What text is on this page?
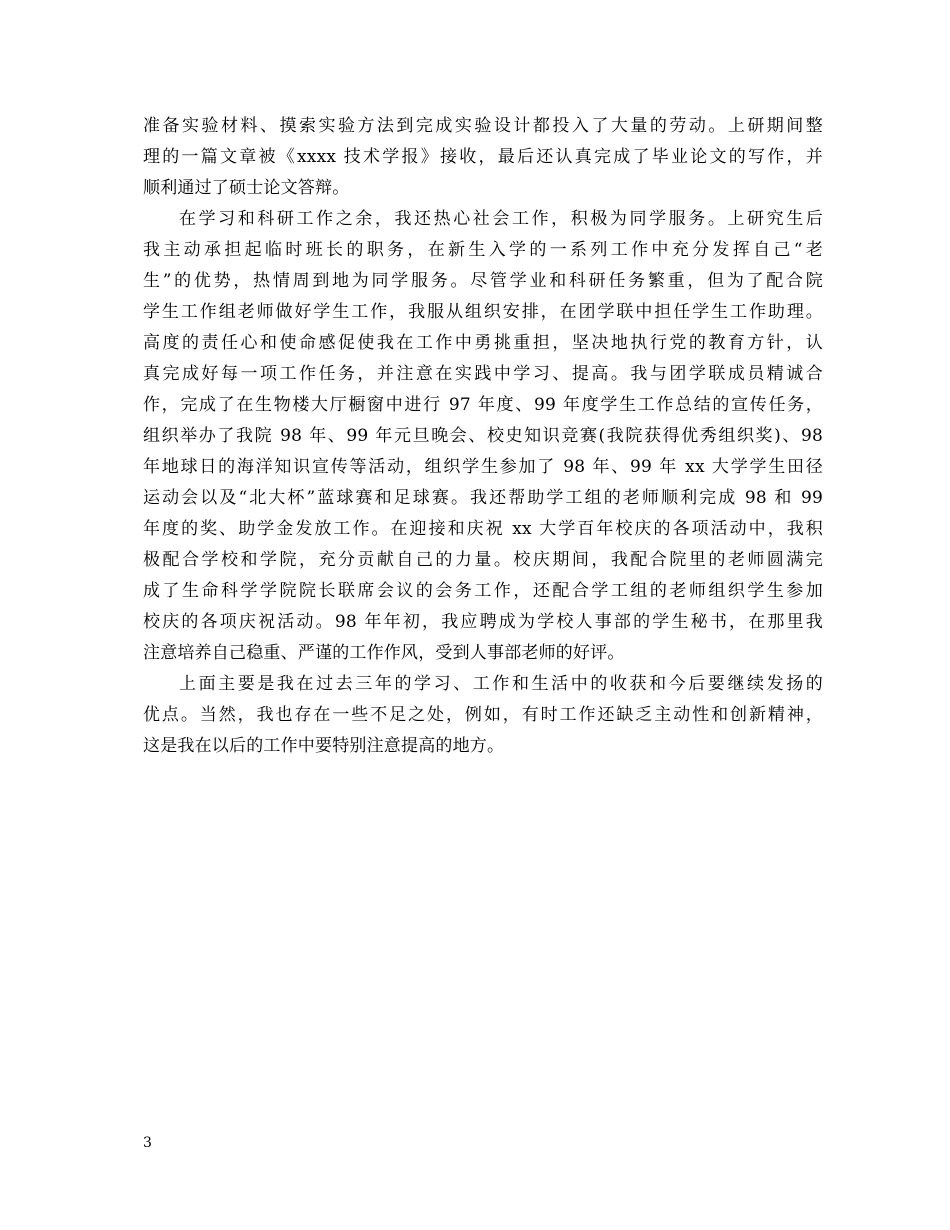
准备实验材料、摸索实验方法到完成实验设计都投入了大量的劳动。上研期间整
理的一篇文章被《xxxx 技术学报》接收，最后还认真完成了毕业论文的写作，并
顺利通过了硕士论文答辩。
在学习和科研工作之余，我还热心社会工作，积极为同学服务。上研究生后
我主动承担起临时班长的职务，在新生入学的一系列工作中充分发挥自己“老
生”的优势，热情周到地为同学服务。尽管学业和科研任务繁重，但为了配合院
学生工作组老师做好学生工作，我服从组织安排，在团学联中担任学生工作助理。
高度的责任心和使命感促使我在工作中勇挑重担，坚决地执行党的教育方针，认
真完成好每一项工作任务，并注意在实践中学习、提高。我与团学联成员精诚合
作，完成了在生物楼大厅橱窗中进行 97 年度、99 年度学生工作总结的宣传任务，
组织举办了我院 98 年、99 年元旦晚会、校史知识竞赛(我院获得优秀组织奖)、98
年地球日的海洋知识宣传等活动，组织学生参加了 98 年、99 年 xx 大学学生田径
运动会以及“北大杯”蓝球赛和足球赛。我还帮助学工组的老师顺利完成 98 和 99
年度的奖、助学金发放工作。在迎接和庆祝 xx 大学百年校庆的各项活动中，我积
极配合学校和学院，充分贡献自己的力量。校庆期间，我配合院里的老师圆满完
成了生命科学学院院长联席会议的会务工作，还配合学工组的老师组织学生参加
校庆的各项庆祝活动。98 年年初，我应聘成为学校人事部的学生秘书，在那里我
注意培养自己稳重、严谨的工作作风，受到人事部老师的好评。
上面主要是我在过去三年的学习、工作和生活中的收获和今后要继续发扬的
优点。当然，我也存在一些不足之处，例如，有时工作还缺乏主动性和创新精神，
这是我在以后的工作中要特别注意提高的地方。
3
